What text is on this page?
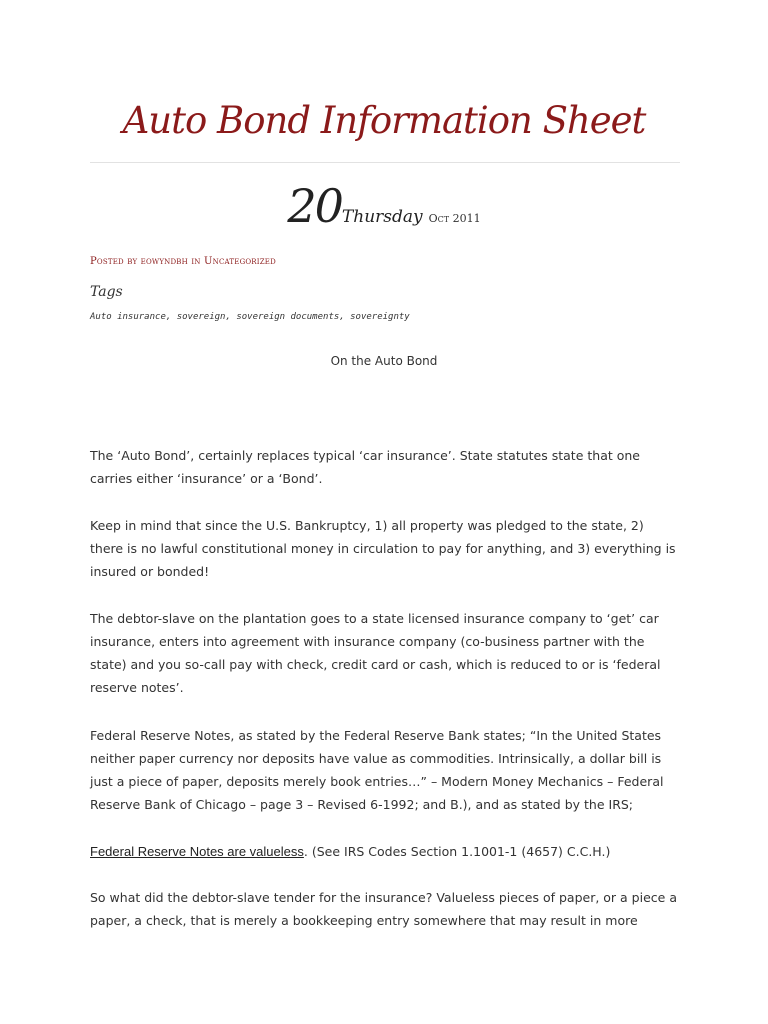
Auto Bond Information Sheet
20Thursday Oct 2011
Posted by eowyndbh in Uncategorized
Tags
Auto insurance, sovereign, sovereign documents, sovereignty
On the Auto Bond

The ‘Auto Bond’, certainly replaces typical ‘car insurance’. State statutes state that one carries either ‘insurance’ or a ‘Bond’.

Keep in mind that since the U.S. Bankruptcy, 1) all property was pledged to the state, 2) there is no lawful constitutional money in circulation to pay for anything, and 3) everything is insured or bonded!

The debtor-slave on the plantation goes to a state licensed insurance company to ‘get’ car insurance, enters into agreement with insurance company (co-business partner with the state) and you so-call pay with check, credit card or cash, which is reduced to or is ‘federal reserve notes’.

Federal Reserve Notes, as stated by the Federal Reserve Bank states; “In the United States neither paper currency nor deposits have value as commodities. Intrinsically, a dollar bill is just a piece of paper, deposits merely book entries…” – Modern Money Mechanics – Federal Reserve Bank of Chicago – page 3 – Revised 6-1992; and B.), and as stated by the IRS;

Federal Reserve Notes are valueless. (See IRS Codes Section 1.1001-1 (4657) C.C.H.)

So what did the debtor-slave tender for the insurance? Valueless pieces of paper, or a piece a paper, a check, that is merely a bookkeeping entry somewhere that may result in more
